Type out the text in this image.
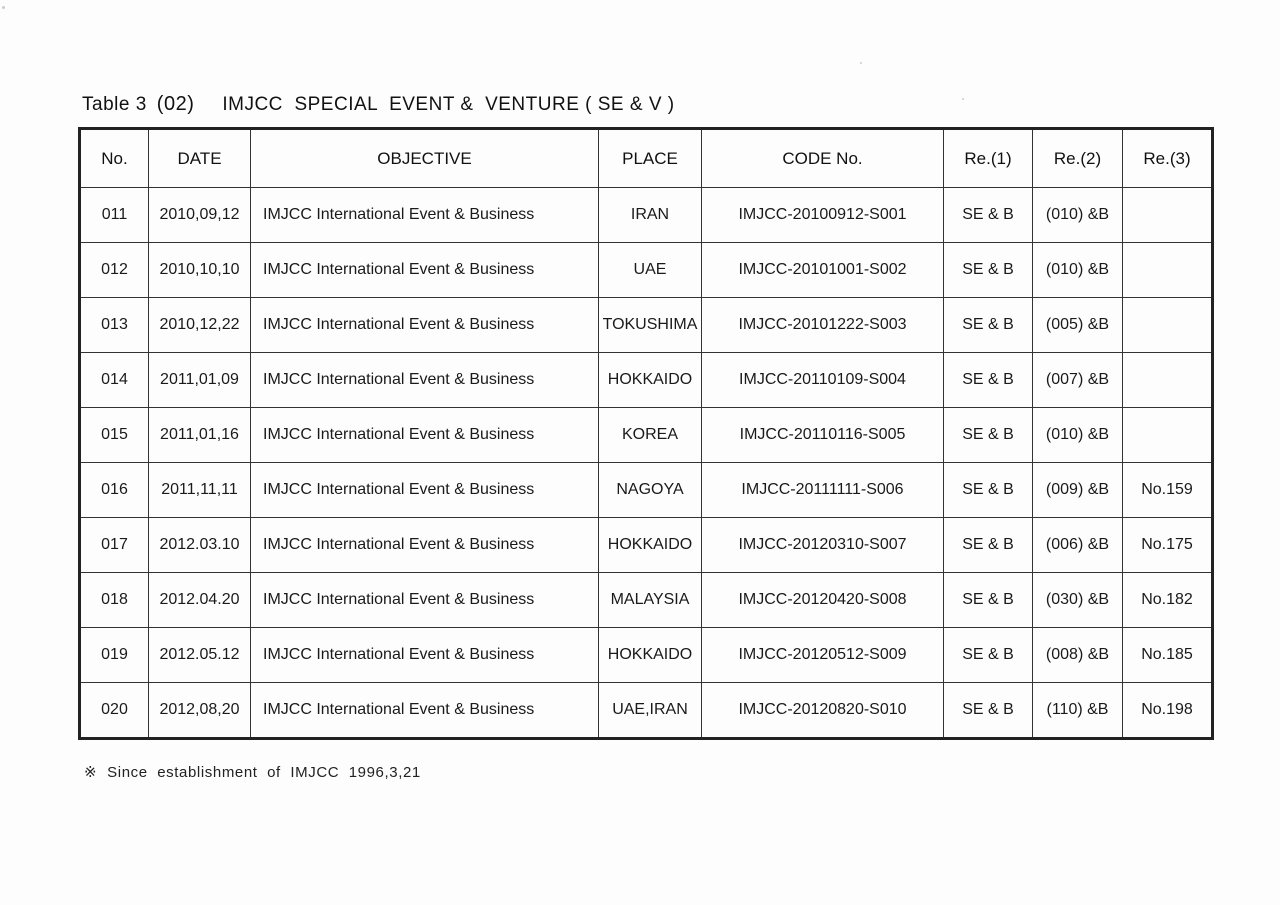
Table 3 (02) IMJCC  SPECIAL  EVENT &  VENTURE ( SE & V )
No.	DATE	OBJECTIVE	PLACE	CODE No.	Re.(1)	Re.(2)	Re.(3)
011	2010,09,12	IMJCC International Event & Business	IRAN	IMJCC-20100912-S001	SE & B	(010) &B	
012	2010,10,10	IMJCC International Event & Business	UAE	IMJCC-20101001-S002	SE & B	(010) &B	
013	2010,12,22	IMJCC International Event & Business	TOKUSHIMA	IMJCC-20101222-S003	SE & B	(005) &B	
014	2011,01,09	IMJCC International Event & Business	HOKKAIDO	IMJCC-20110109-S004	SE & B	(007) &B	
015	2011,01,16	IMJCC International Event & Business	KOREA	IMJCC-20110116-S005	SE & B	(010) &B	
016	2011,11,11	IMJCC International Event & Business	NAGOYA	IMJCC-20111111-S006	SE & B	(009) &B	No.159
017	2012.03.10	IMJCC International Event & Business	HOKKAIDO	IMJCC-20120310-S007	SE & B	(006) &B	No.175
018	2012.04.20	IMJCC International Event & Business	MALAYSIA	IMJCC-20120420-S008	SE & B	(030) &B	No.182
019	2012.05.12	IMJCC International Event & Business	HOKKAIDO	IMJCC-20120512-S009	SE & B	(008) &B	No.185
020	2012,08,20	IMJCC International Event & Business	UAE,IRAN	IMJCC-20120820-S010	SE & B	(110) &B	No.198
※ Since  establishment  of  IMJCC  1996,3,21
